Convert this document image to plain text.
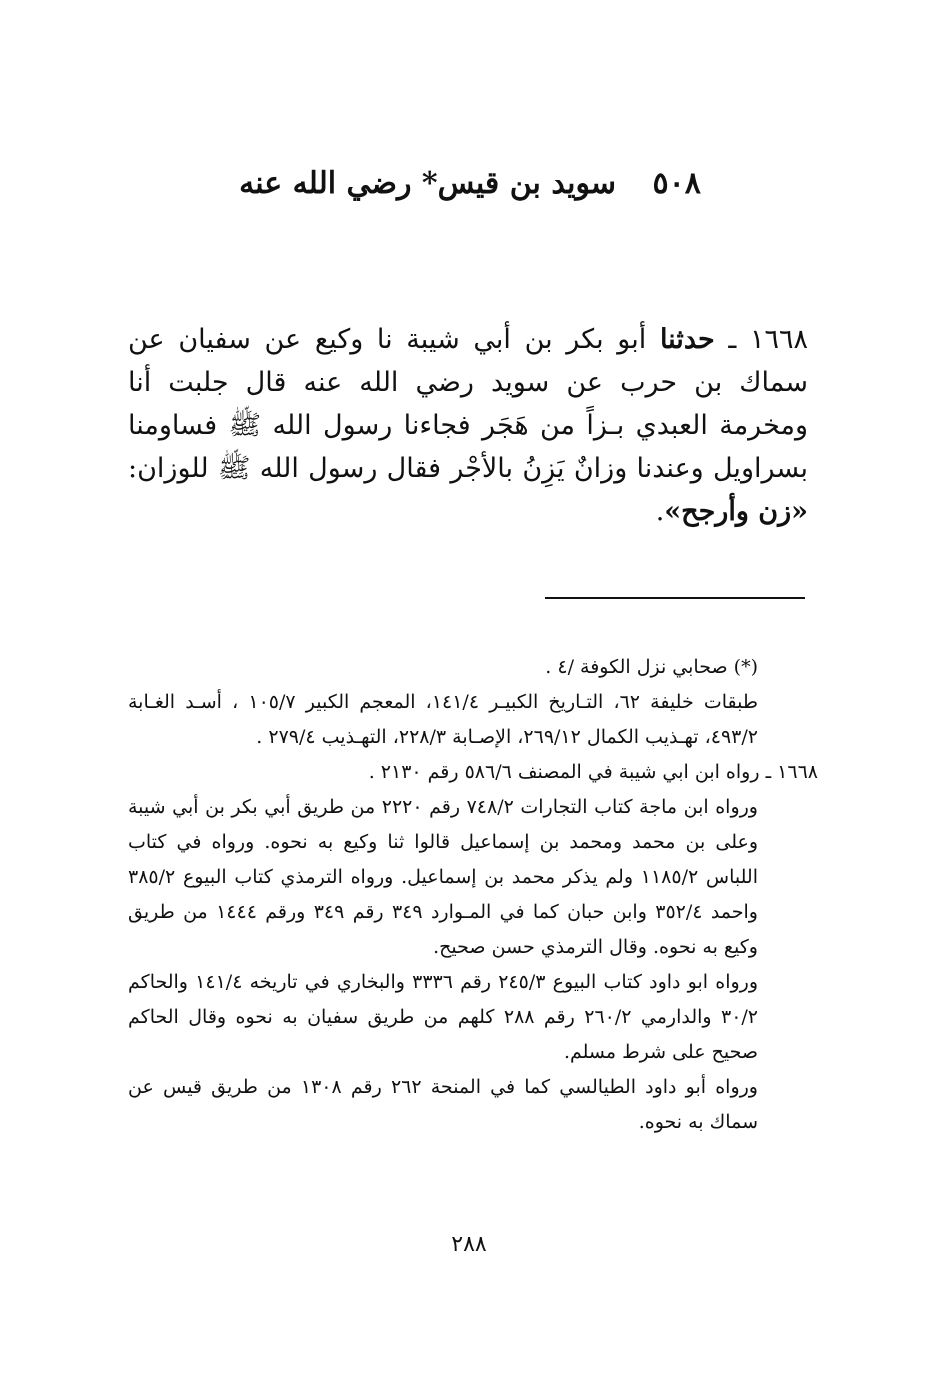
٥٠٨ سويد بن قيس* رضي الله عنه
١٦٦٨ ـ حدثنا أبو بكر بن أبي شيبة نا وكيع عن سفيان عن سماك بن حرب عن سويد رضي الله عنه قال جلبت أنا ومخرمة العبدي بـزاً من هَجَر فجاءنا رسول الله ﷺ فساومنا بسراويل وعندنا وزانٌ يَزِنُ بالأجْر فقال رسول الله ﷺ للوزان: «زن وأرجح».

(*) صحابي نزل الكوفة /٤ .

طبقات خليفة ٦٢، التـاريخ الكبيـر ١٤١/٤، المعجم الكبير ١٠٥/٧ ، أسـد الغـابة ٤٩٣/٢، تهـذيب الكمال ٢٦٩/١٢، الإصـابة ٢٢٨/٣، التهـذيب ٢٧٩/٤ .

١٦٦٨ ـ رواه ابن ابي شيبة في المصنف ٥٨٦/٦ رقم ٢١٣٠ .

ورواه ابن ماجة كتاب التجارات ٧٤٨/٢ رقم ٢٢٢٠ من طريق أبي بكر بن أبي شيبة وعلى بن محمد ومحمد بن إسماعيل قالوا ثنا وكيع به نحوه. ورواه في كتاب اللباس ١١٨٥/٢ ولم يذكر محمد بن إسماعيل. ورواه الترمذي كتاب البيوع ٣٨٥/٢ واحمد ٣٥٢/٤ وابن حبان كما في المـوارد ٣٤٩ رقم ٣٤٩ ورقم ١٤٤٤ من طريق وكيع به نحوه. وقال الترمذي حسن صحيح.

ورواه ابو داود كتاب البيوع ٢٤٥/٣ رقم ٣٣٣٦ والبخاري في تاريخه ١٤١/٤ والحاكم ٣٠/٢ والدارمي ٢٦٠/٢ رقم ٢٨٨ كلهم من طريق سفيان به نحوه وقال الحاكم صحيح على شرط مسلم.

ورواه أبو داود الطيالسي كما في المنحة ٢٦٢ رقم ١٣٠٨ من طريق قيس عن سماك به نحوه.

٢٨٨
